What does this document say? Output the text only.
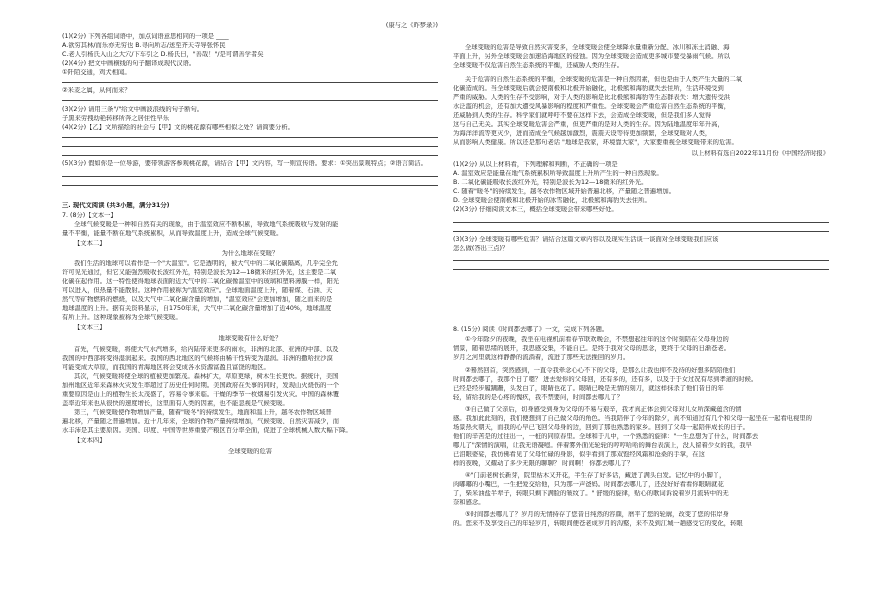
(康与之《昨梦录》)
(1)(2分) 下列各组词语中，加点词语意思相同的一项是 ____
A.欲穷其林/而乐亦无穷也 B.寻向所志/送至齐天寺导张怀民
C.老人引杨氏入山之大穴/下车引之 D.杨氏曰，"善哉！"/是可谓善学者矣
(2)(4分) 把文中画横线的句子翻译成现代汉语。
①阡陌交通，鸡犬相闻。
②米麦之属，从何而来？
(3)(2分) 请用三条"/"给文中画波浪线的句子断句。
子黑来劳拽幼艳转移所奔之居住性早乐
(4)(2分)【乙】文所描绘的社会与【甲】文的桃花源有哪些相似之处？请简要分析。
(5)(3分) 假如你是一位导游，要带领游客参观桃花源，请结合【甲】文内容，写一则宣传语。要求：①突出景观特点；②语言简洁。
三. 现代文阅读 (共3小题，满分31分)
7. (8分)【文本一】
全球气候变暖是一种和自然有关的现象，由于温室效应不断积累，导致地气系统吸收与发射的能
量不平衡，能量不断在地气系统累积，从而导致温度上升，造成全球气候变暖。
【文本二】
为什么地球在变暖？
我们生活的地球可以看作是一个"大温室"。它是透明的，被大气中的二氧化碳隔离，几乎完全允
许可见光通过，但它又能强烈吸收长波红外光，特别是波长为12—18微米的红外光，这主要是二氧
化碳在起作用。这一特性使得地球表面附近大气中的二氧化碳像温室中的玻璃和塑料薄膜一样，阳光
可以进入，但热量不能散射。这种作用被称为"温室效应"。全球地面温度上升，随着煤、石油、天
然气等矿物燃料的燃烧，以及大气中二氧化碳含量的增加，"温室效应"会更加增加，随之而来的是
地球温度的上升。据有关资料显示，自1750年来，大气中二氧化碳含量增加了近40%，地球温度
有所上升。这种现象被称为全球气候变暖。
【文本三】
地球变暖有什么好处？
首先，气候变暖，将使大气水汽增多，给内陆带来更多的雨水，非洲的北部、亚洲的中部、以及
我国的中西部将变得湿润起来。我国的西北地区的气候将由稀干性转变为湿润。非洲的撒哈拉沙漠
可能变成大草原，而我国的青海地区将会变成各水资源富盈且富饶的地区。
其次，气候变暖将使全球的植被更加繁茂。森林扩大，草原更绿，树木生长更快。据统计，美国
加州地区近年来森林火灾发生率超过了历史任何时期。美国政府在失事的同时，发现山火烧伤的一个
重要原因是山上的植物生长太茂盛了，容易令事来临。干燥的季节一枚烟易引发火灾。中国的森林覆
盖率近年来也从很快的速度增长，这里面有人类的因素，也不能忽视是气候变暖。
第三，气候变暖使作物增加产量，随着"暖冬"的持续发生，地面和温上升，越冬农作物区域普
遍北移，产量随之普遍增加。近十几年来，全球的作物产量持续增加，气候变暖、自然灾害减少，而
水丰沛是其主要原因。美国、印度、中国等世界重要产粮区百分率全面，促进了全球机械人数大幅下降。
【文本四】
全球变暖的危害
全球变暖的危害是导致自然灾害变多，全球变暖会使全球降水量重新分配、冰川和冻土消融、海
平面上升，另外全球变暖会加速沿海地区的侵蚀。因为全球变暖会造成更多城市要受暴雨气候。所以
全球变暖不仅危害自然生态系统的平衡，还威胁人类的生存。
关于危害的自然生态系统的平衡，全球变暖的危害是一种自然因素，但也是由于人类产生大量的二氧
化碳造成的。当全球变暖后就会使南极和北极开始融化，北极熊和海豹就失去住所，生活环境受到
严重的威胁。人类的生存不受影响，对于人类的影响是比北极熊和海豹等生态群表失：增大遗传受洪
水泛滥的机会，还有加大遭受风暴影响的程度和严重性。全球变暖会严重危害自然生态系统的平衡，
还威胁到人类的生存。科学家们就呼吁不要在这样下去，会造成全球变暖，但是我们多人觉得
这与自己无关。其实全球变暖危害会严重，但更严重的是对人类的生存。因为陆地温度年年升高，
为海洋洋流等更灭少，进而造成全气候越加激烈，震震天设等待更加频繁，全球变暖对人类，
从而影响人类健康。所以还是那句老话 "地球是我家，环境靠大家"，大家要重视全球变暖带来的危害。
以上材料有选自2022年11月份《中国经济时报》
(1)(2分) 从以上材料看，下列理解和判断，不正确的一项是
A. 温室效应是能量在地气系统累积所导致温度上升所产生的一种自然现象。
B. 二氧化碳能吸收长波红外光，特别是波长为12—18微米的红外光。
C. 随着"暖冬"的持续发生，越冬农作物区域开始普遍北移，产量随之普遍增加。
D. 全球变暖会使南极和北极开始的冰雪融化，北极熊和海豹失去住所。
(2)(3分) 仔细阅读文本三，概括全球变暖会带来哪些好处。
(3)(3分) 全球变暖有哪些危害？请结合这篇文章内容以及现实生活谈一谈面对全球变暖我们应该
怎么做(答出三点)？
8. (15分) 阅读《时间都去哪了》一文，完成下列各题。
①今年除夕的夜晚，我坐在电视机前看春节联欢晚会，不禁想起往年的这个时刻陪在父母身边的
情景，随着思绪的展开，我思感交集，不能自已。是终于我对父母的思念，更终于父母的日渐苍老。
岁月之河里就这样静静的流淌着，流进了那些无法挽回的岁月。
②蓦然回首，突然感到，一直令我牵念心心不下的父母，是那么让我也抑不及待的好想多陪陪他们
时间都去哪了，我那个日了嗯？ 进去爱你的父母回，还有多的，还有多，以及于于女过况有尽到孝道的时候。
已经是经步履蹒跚，头发白了，眼睛也花了。眼睛已晚是无情的刻刀，就这样抹杀了他们昔日的年
轻，留给我的是心疼的愧疚，我不禁要问，时间都去哪儿了？
③自己做了父亲后，切身感受到身为父母的不易与艰辛，我才真正体会到父母对儿女所深藏蕴含的情
感。我加此此刻的，我们便想到了自己做父母的角色。当我陪伴了今年的除夕，真不知道过有几个和父母一起坐在一起看电视里的
场景热火朝天，而我的心早已飞回父母身的边，回到了那也熟悉的家乡。回到了父母一起陪伴成长的日子。
他们的辛苦是的过往出一，一桩的同原春里。全球和于儿中，一个熟悉的旋律："一生总想为了什么，时间都去
哪儿了"深情的演唱，让我无语凝噎。伴着雾外面光轮轮的哼哼哈哈的舞台表演上，没人留着少女的我，我早
已泪眼婆娑，我仿佛看见了父母忙碌的身影，似乎看到了那双饱经风霜和沧桑的手掌，在这
样的夜晚，又耀动了多少无限的聊聊？ 时间啊！ 你都去哪儿了？
④"门前老树长新芽，院里枯木又开花，半生存了好多话，藏进了满头白发。记忆中的小脚丫，
肉嘟嘟的小嘴巴，一生把爱交给他，只为那一声爸妈。时间都去哪儿了，还没好好看看你眼睛就花
了，柴米油盐半辈子，转眼只剩下满脸的皱纹了。" 舒缓的旋律，贴心的歌词诉说着岁月流转中的无
奈和感念。
⑤时间都去哪儿了？岁月的无情持存了您昔日纯然的容颜，磨平了您的轮廓，改变了您的伟岸身
的。您来不及享受自己的年轻岁月，转眼间便苍老成岁月的沟壑，来不及到江城一趟感受它的变化，转眼
